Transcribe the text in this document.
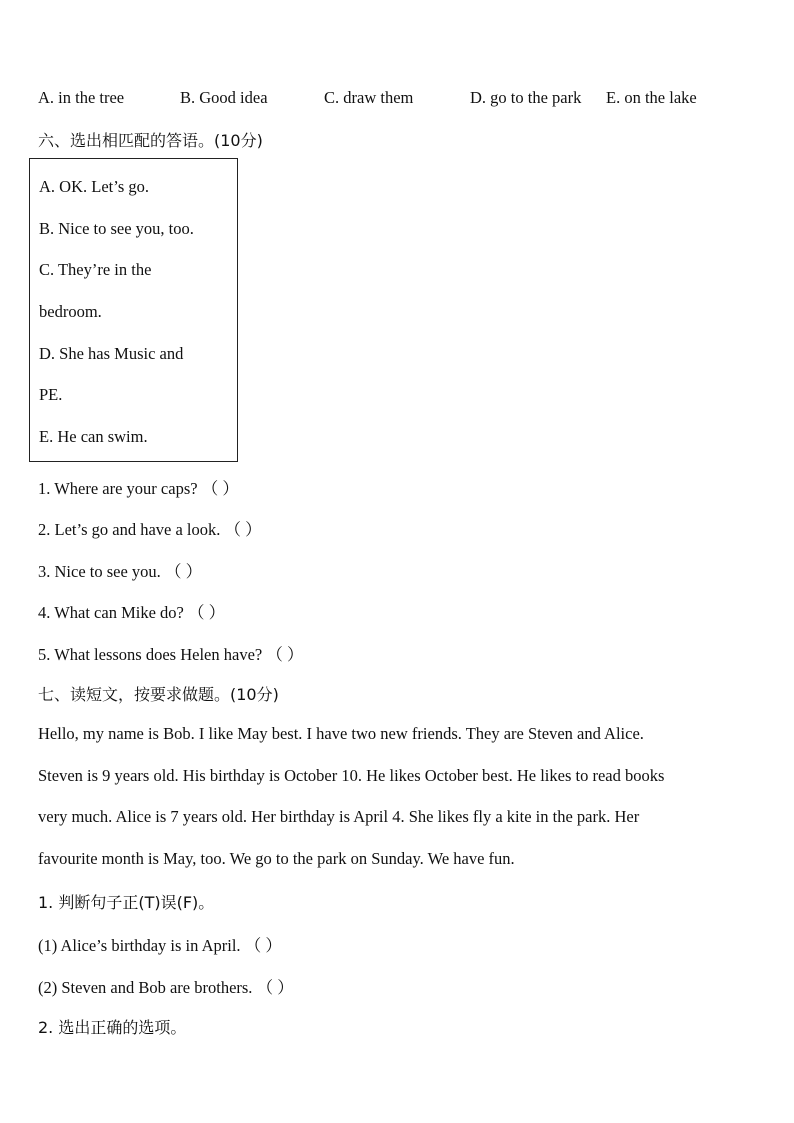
A. in the tree	B. Good idea	C. draw them	D. go to the park E. on the lake
六、选出相匹配的答语。(10分)
A. OK. Let’s go.
B. Nice to see you, too.
C. They’re in the
bedroom.
D. She has Music and
PE.
E. He can swim.
1. Where are your caps? （ ）
2. Let’s go and have a look. （ ）
3. Nice to see you. （ ）
4. What can Mike do? （ ）
5. What lessons does Helen have? （ ）
七、读短文，按要求做题。(10分)
Hello, my name is Bob. I like May best. I have two new friends. They are Steven and Alice.
Steven is 9 years old. His birthday is October 10. He likes October best. He likes to read books
very much. Alice is 7 years old. Her birthday is April 4. She likes fly a kite in the park. Her
favourite month is May, too. We go to the park on Sunday. We have fun.
1. 判断句子正(T)误(F)。
(1) Alice’s birthday is in April. （ ）
(2) Steven and Bob are brothers. （ ）
2. 选出正确的选项。
